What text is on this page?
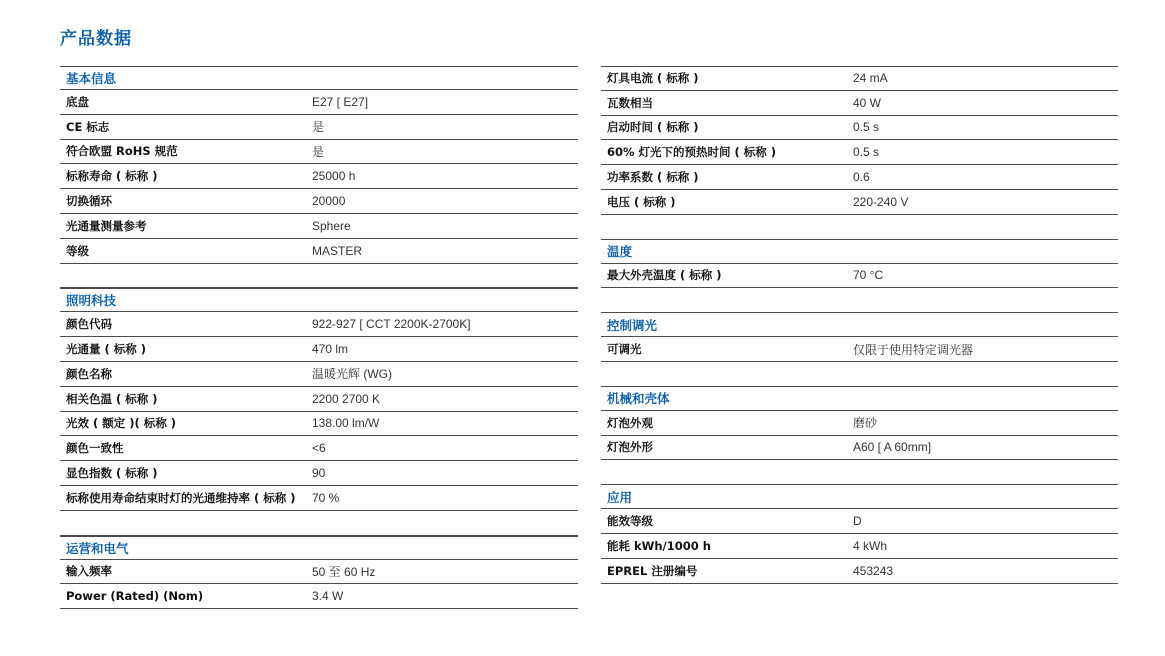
产品数据
基本信息
底盘	E27 [ E27]
CE 标志	是
符合欧盟 RoHS 规范	是
标称寿命 ( 标称 )	25000 h
切换循环	20000
光通量测量参考	Sphere
等级	MASTER
照明科技
颜色代码	922-927 [ CCT 2200K-2700K]
光通量 ( 标称 )	470 lm
颜色名称	温暖光辉 (WG)
相关色温 ( 标称 )	2200 2700 K
光效 ( 额定 )( 标称 )	138.00 lm/W
颜色一致性	<6
显色指数 ( 标称 )	90
标称使用寿命结束时灯的光通维持率 ( 标称 )	70 %
运营和电气
输入频率	50 至 60 Hz
Power (Rated) (Nom)	3.4 W
灯具电流 ( 标称 )	24 mA
瓦数相当	40 W
启动时间 ( 标称 )	0.5 s
60% 灯光下的预热时间 ( 标称 )	0.5 s
功率系数 ( 标称 )	0.6
电压 ( 标称 )	220-240 V
温度
最大外壳温度 ( 标称 )	70 °C
控制调光
可调光	仅限于使用特定调光器
机械和壳体
灯泡外观	磨砂
灯泡外形	A60 [ A 60mm]
应用
能效等级	D
能耗 kWh/1000 h	4 kWh
EPREL 注册编号	453243
